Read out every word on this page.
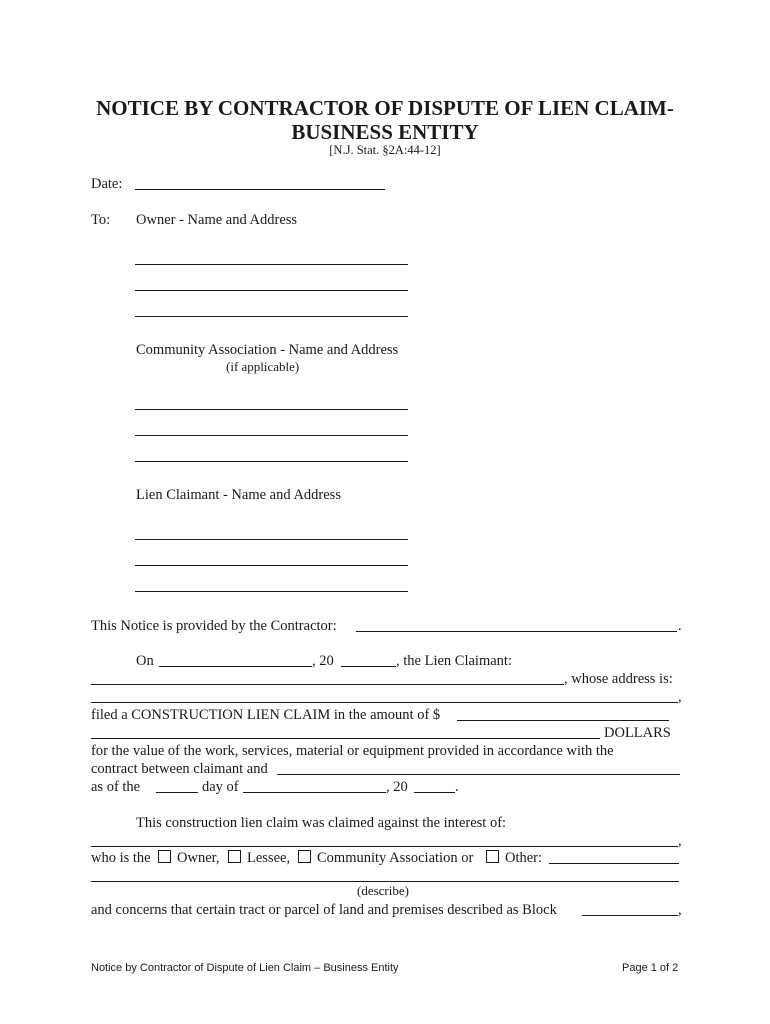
NOTICE BY CONTRACTOR OF DISPUTE OF LIEN CLAIM-
BUSINESS ENTITY
[N.J. Stat. §2A:44-12]
Date:
To: Owner - Name and Address
Community Association - Name and Address
(if applicable)
Lien Claimant - Name and Address
This Notice is provided by the Contractor:	.
On	, 20	, the Lien Claimant:
, whose address is:
,
filed a CONSTRUCTION LIEN CLAIM in the amount of $
DOLLARS
for the value of the work, services, material or equipment provided in accordance with the
contract between claimant and
as of the	day of	, 20	.
This construction lien claim was claimed against the interest of:
,
who is the Owner, Lessee, Community Association or Other:
(describe)
and concerns that certain tract or parcel of land and premises described as Block	,
Notice by Contractor of Dispute of Lien Claim – Business Entity	Page 1 of 2
